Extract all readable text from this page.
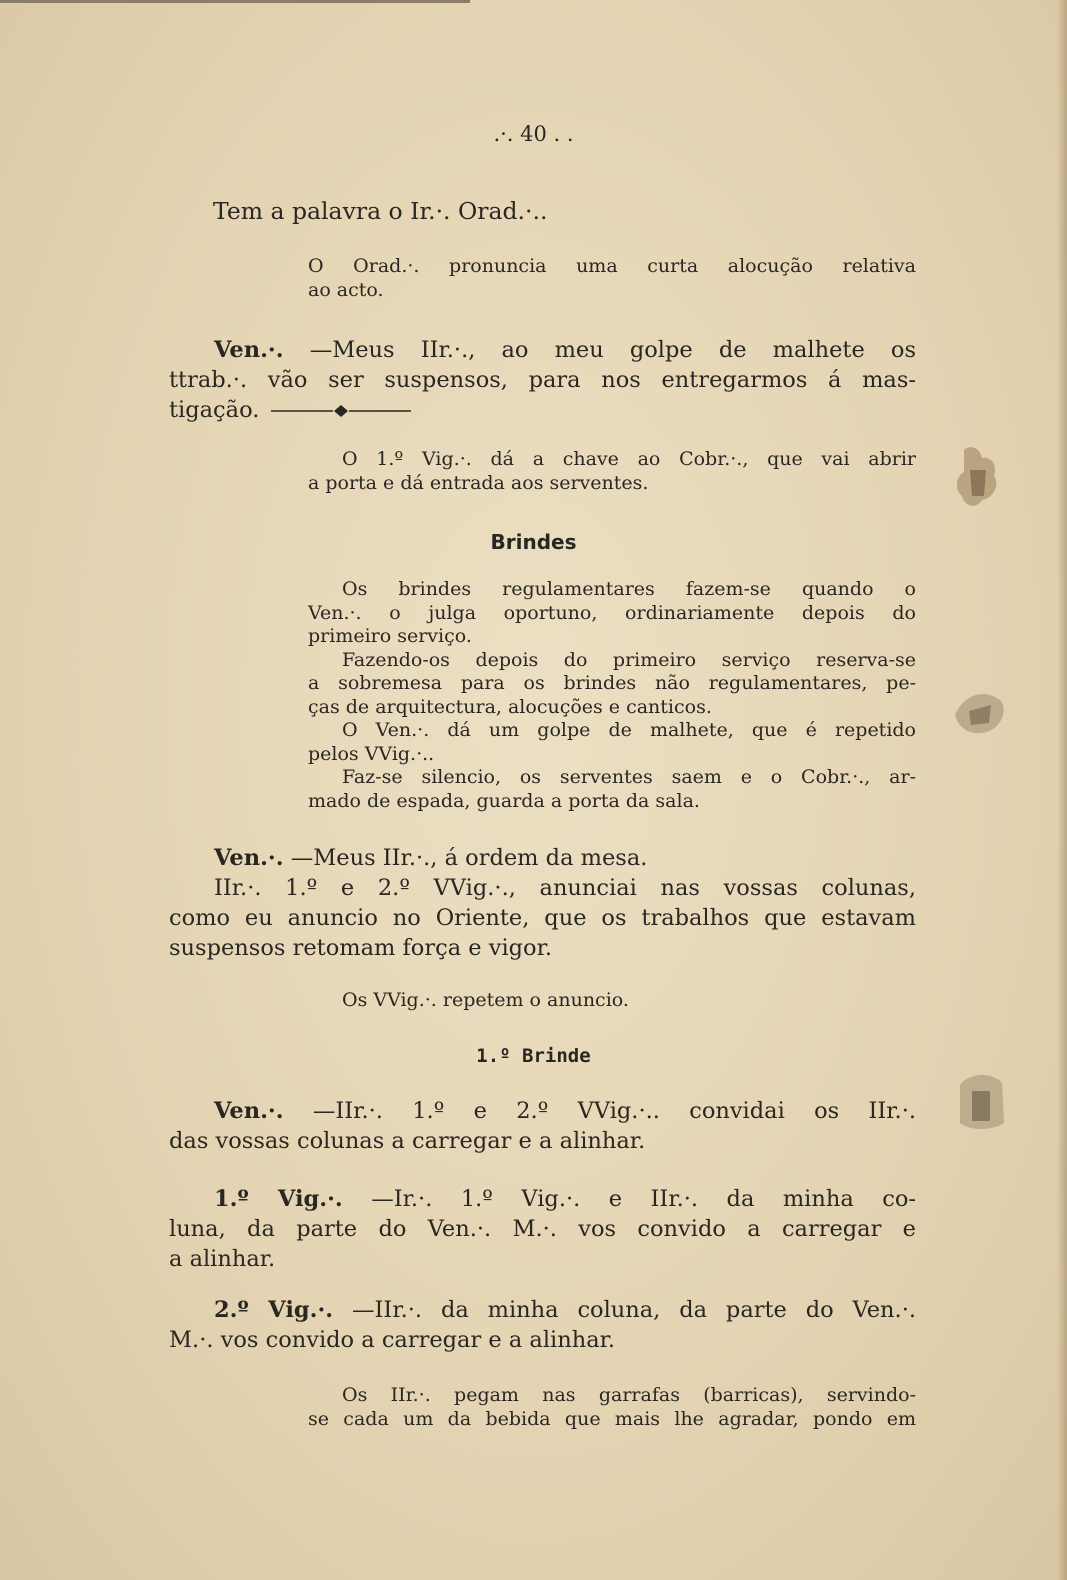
.·. 40 . .
Tem a palavra o Ir.·. Orad.·..
O Orad.·. pronuncia uma curta alocução relativa
ao acto.
Ven.·. —Meus IIr.·., ao meu golpe de malhete os
ttrab.·. vão ser suspensos, para nos entregarmos á mas-
tigação.
O 1.º Vig.·. dá a chave ao Cobr.·., que vai abrir
a porta e dá entrada aos serventes.
Brindes
Os brindes regulamentares fazem-se quando o
Ven.·. o julga oportuno, ordinariamente depois do
primeiro serviço.
Fazendo-os depois do primeiro serviço reserva-se
a sobremesa para os brindes não regulamentares, pe-
ças de arquitectura, alocuções e canticos.
O Ven.·. dá um golpe de malhete, que é repetido
pelos VVig.·..
Faz-se silencio, os serventes saem e o Cobr.·., ar-
mado de espada, guarda a porta da sala.
Ven.·. —Meus IIr.·., á ordem da mesa.
IIr.·. 1.º e 2.º VVig.·., anunciai nas vossas colunas,
como eu anuncio no Oriente, que os trabalhos que estavam
suspensos retomam força e vigor.
Os VVig.·. repetem o anuncio.
1.º Brinde
Ven.·. —IIr.·. 1.º e 2.º VVig.·.. convidai os IIr.·.
das vossas colunas a carregar e a alinhar.
1.º Vig.·. —Ir.·. 1.º Vig.·. e IIr.·. da minha co-
luna, da parte do Ven.·. M.·. vos convido a carregar e
a alinhar.
2.º Vig.·. —IIr.·. da minha coluna, da parte do Ven.·.
M.·. vos convido a carregar e a alinhar.
Os IIr.·. pegam nas garrafas (barricas), servindo-
se cada um da bebida que mais lhe agradar, pondo em
